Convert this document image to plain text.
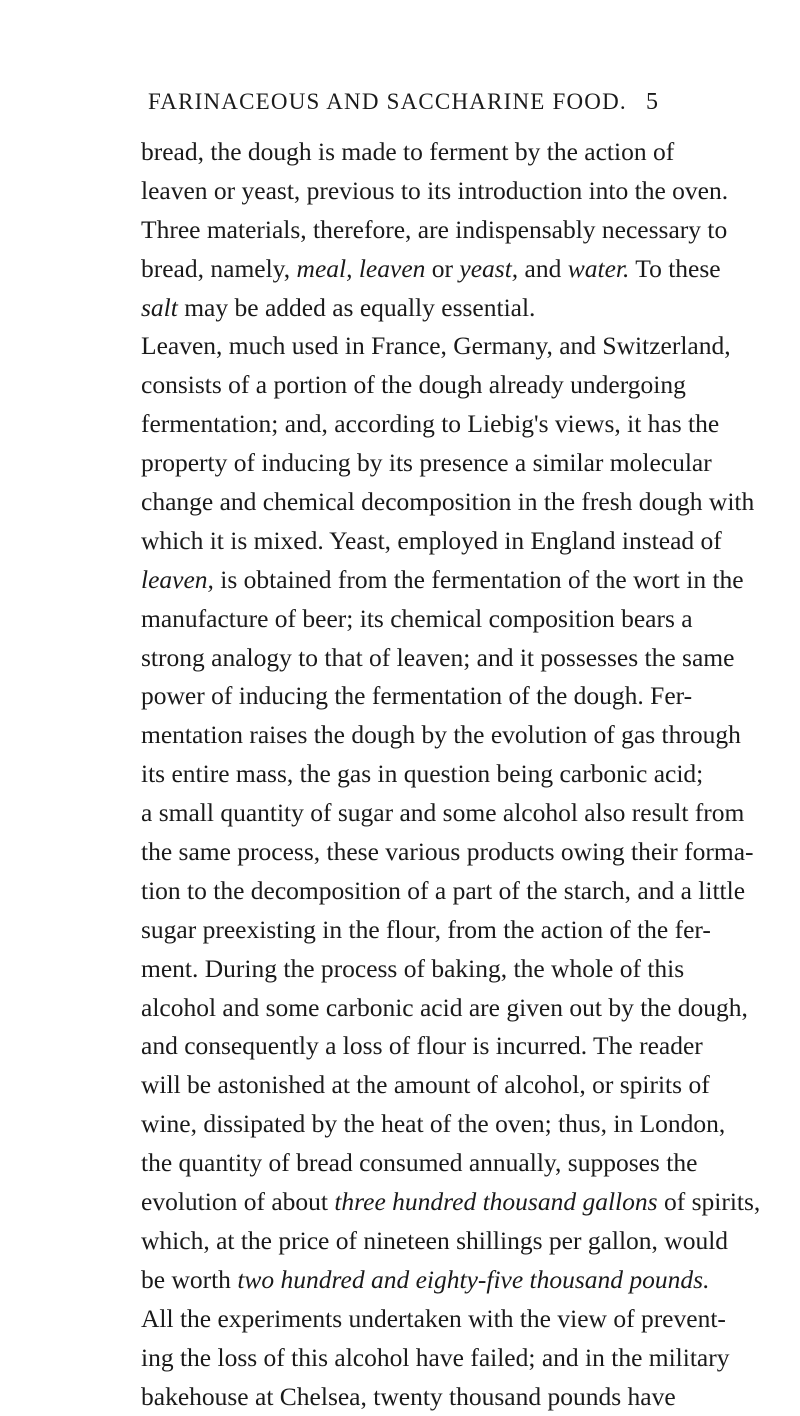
FARINACEOUS AND SACCHARINE FOOD. 5
bread, the dough is made to ferment by the action of
leaven or yeast, previous to its introduction into the oven.
Three materials, therefore, are indispensably necessary to
bread, namely, meal, leaven or yeast, and water. To these
salt may be added as equally essential.
Leaven, much used in France, Germany, and Switzerland,
consists of a portion of the dough already undergoing
fermentation; and, according to Liebig's views, it has the
property of inducing by its presence a similar molecular
change and chemical decomposition in the fresh dough with
which it is mixed. Yeast, employed in England instead of
leaven, is obtained from the fermentation of the wort in the
manufacture of beer; its chemical composition bears a
strong analogy to that of leaven; and it possesses the same
power of inducing the fermentation of the dough. Fer-
mentation raises the dough by the evolution of gas through
its entire mass, the gas in question being carbonic acid;
a small quantity of sugar and some alcohol also result from
the same process, these various products owing their forma-
tion to the decomposition of a part of the starch, and a little
sugar preexisting in the flour, from the action of the fer-
ment. During the process of baking, the whole of this
alcohol and some carbonic acid are given out by the dough,
and consequently a loss of flour is incurred. The reader
will be astonished at the amount of alcohol, or spirits of
wine, dissipated by the heat of the oven; thus, in London,
the quantity of bread consumed annually, supposes the
evolution of about three hundred thousand gallons of spirits,
which, at the price of nineteen shillings per gallon, would
be worth two hundred and eighty-five thousand pounds.
All the experiments undertaken with the view of prevent-
ing the loss of this alcohol have failed; and in the military
bakehouse at Chelsea, twenty thousand pounds have
